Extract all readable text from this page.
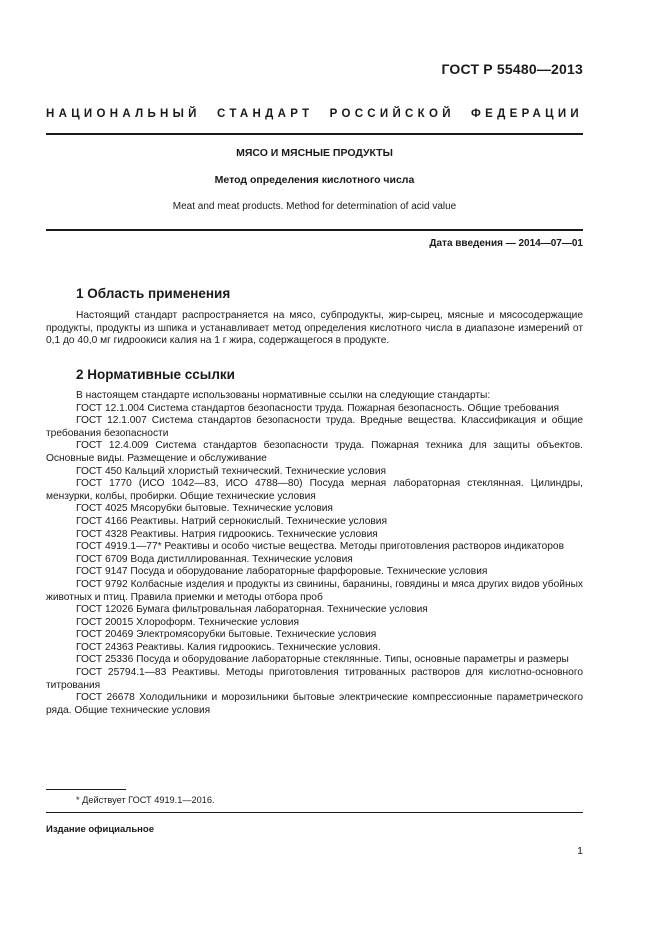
ГОСТ Р 55480—2013
НАЦИОНАЛЬНЫЙ СТАНДАРТ РОССИЙСКОЙ ФЕДЕРАЦИИ
МЯСО И МЯСНЫЕ ПРОДУКТЫ
Метод определения кислотного числа
Meat and meat products. Method for determination of acid value
Дата введения — 2014—07—01
1 Область применения
Настоящий стандарт распространяется на мясо, субпродукты, жир-сырец, мясные и мясосодержащие продукты, продукты из шпика и устанавливает метод определения кислотного числа в диапазоне измерений от 0,1 до 40,0 мг гидроокиси калия на 1 г жира, содержащегося в продукте.
2 Нормативные ссылки

В настоящем стандарте использованы нормативные ссылки на следующие стандарты:

ГОСТ 12.1.004 Система стандартов безопасности труда. Пожарная безопасность. Общие требования

ГОСТ 12.1.007 Система стандартов безопасности труда. Вредные вещества. Классификация и общие требования безопасности

ГОСТ 12.4.009 Система стандартов безопасности труда. Пожарная техника для защиты объектов. Основные виды. Размещение и обслуживание

ГОСТ 450 Кальций хлористый технический. Технические условия

ГОСТ 1770 (ИСО 1042—83, ИСО 4788—80) Посуда мерная лабораторная стеклянная. Цилиндры, мензурки, колбы, пробирки. Общие технические условия

ГОСТ 4025 Мясорубки бытовые. Технические условия

ГОСТ 4166 Реактивы. Натрий сернокислый. Технические условия

ГОСТ 4328 Реактивы. Натрия гидроокись. Технические условия

ГОСТ 4919.1—77* Реактивы и особо чистые вещества. Методы приготовления растворов индикаторов

ГОСТ 6709 Вода дистиллированная. Технические условия

ГОСТ 9147 Посуда и оборудование лабораторные фарфоровые. Технические условия

ГОСТ 9792 Колбасные изделия и продукты из свинины, баранины, говядины и мяса других видов убойных животных и птиц. Правила приемки и методы отбора проб

ГОСТ 12026 Бумага фильтровальная лабораторная. Технические условия

ГОСТ 20015 Хлороформ. Технические условия

ГОСТ 20469 Электромясорубки бытовые. Технические условия

ГОСТ 24363 Реактивы. Калия гидроокись. Технические условия.

ГОСТ 25336 Посуда и оборудование лабораторные стеклянные. Типы, основные параметры и размеры

ГОСТ 25794.1—83 Реактивы. Методы приготовления титрованных растворов для кислотно-основного титрования

ГОСТ 26678 Холодильники и морозильники бытовые электрические компрессионные параметрического ряда. Общие технические условия

* Действует ГОСТ 4919.1—2016.
Издание официальное
1
